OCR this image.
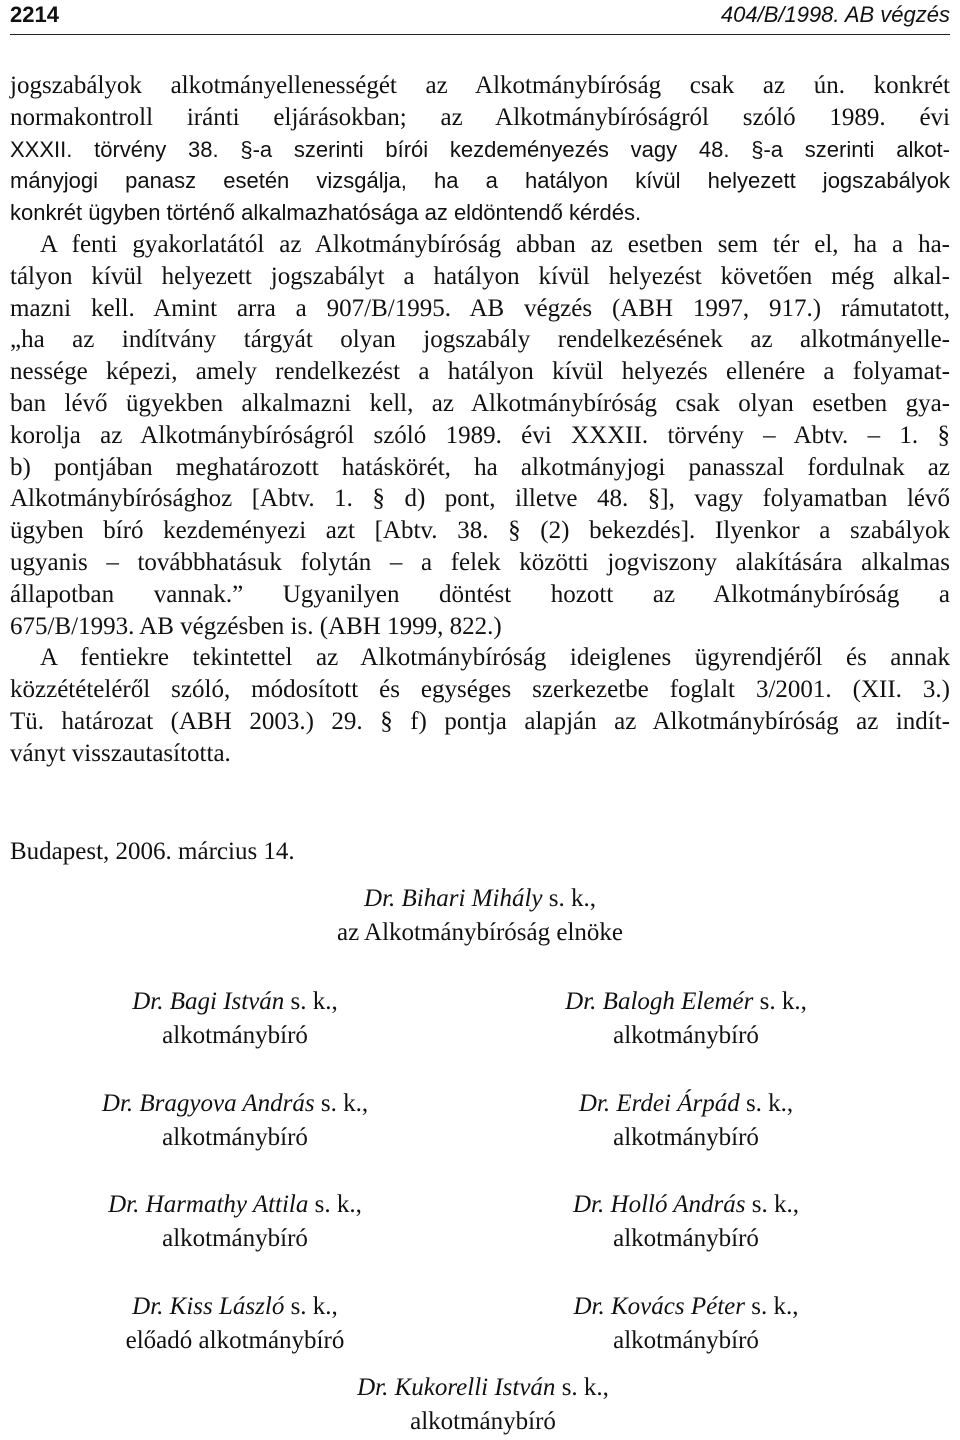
2214	404/B/1998. AB végzés
jogszabályok alkotmányellenességét az Alkotmánybíróság csak az ún. konkrét
normakontroll iránti eljárásokban; az Alkotmánybíróságról szóló 1989. évi
XXXII. törvény 38. §-a szerinti bírói kezdeményezés vagy 48. §-a szerinti alkot-
mányjogi panasz esetén vizsgálja, ha a hatályon kívül helyezett jogszabályok
konkrét ügyben történő alkalmazhatósága az eldöntendő kérdés.
A fenti gyakorlatától az Alkotmánybíróság abban az esetben sem tér el, ha a ha-
tályon kívül helyezett jogszabályt a hatályon kívül helyezést követően még alkal-
mazni kell. Amint arra a 907/B/1995. AB végzés (ABH 1997, 917.) rámutatott,
„ha az indítvány tárgyát olyan jogszabály rendelkezésének az alkotmányelle-
nessége képezi, amely rendelkezést a hatályon kívül helyezés ellenére a folyamat-
ban lévő ügyekben alkalmazni kell, az Alkotmánybíróság csak olyan esetben gya-
korolja az Alkotmánybíróságról szóló 1989. évi XXXII. törvény – Abtv. – 1. §
b) pontjában meghatározott hatáskörét, ha alkotmányjogi panasszal fordulnak az
Alkotmánybírósághoz [Abtv. 1. § d) pont, illetve 48. §], vagy folyamatban lévő
ügyben bíró kezdeményezi azt [Abtv. 38. § (2) bekezdés]. Ilyenkor a szabályok
ugyanis – továbbhatásuk folytán – a felek közötti jogviszony alakítására alkalmas
állapotban vannak.” Ugyanilyen döntést hozott az Alkotmánybíróság a
675/B/1993. AB végzésben is. (ABH 1999, 822.)
A fentiekre tekintettel az Alkotmánybíróság ideiglenes ügyrendjéről és annak
közzétételéről szóló, módosított és egységes szerkezetbe foglalt 3/2001. (XII. 3.)
Tü. határozat (ABH 2003.) 29. § f) pontja alapján az Alkotmánybíróság az indít-
ványt visszautasította.
Budapest, 2006. március 14.
Dr. Bihari Mihály s. k.,
az Alkotmánybíróság elnöke
Dr. Bagi István s. k.,
alkotmánybíró
Dr. Balogh Elemér s. k.,
alkotmánybíró
Dr. Bragyova András s. k.,
alkotmánybíró
Dr. Erdei Árpád s. k.,
alkotmánybíró
Dr. Harmathy Attila s. k.,
alkotmánybíró
Dr. Holló András s. k.,
alkotmánybíró
Dr. Kiss László s. k.,
előadó alkotmánybíró
Dr. Kovács Péter s. k.,
alkotmánybíró
Dr. Kukorelli István s. k.,
alkotmánybíró
